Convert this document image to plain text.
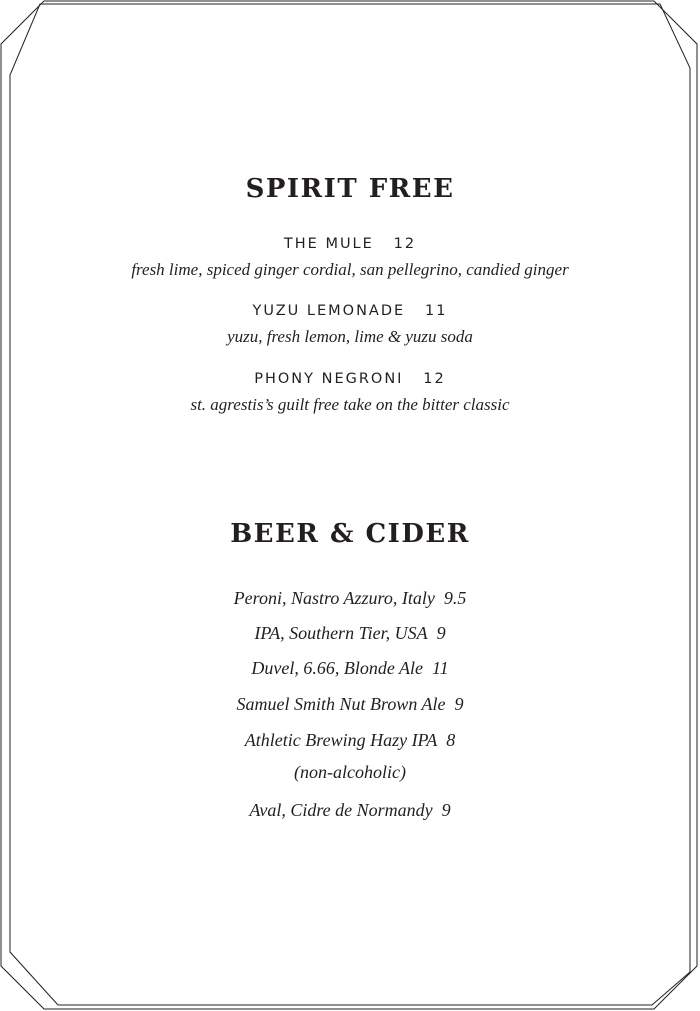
SPIRIT FREE
THE MULE 12
fresh lime, spiced ginger cordial, san pellegrino, candied ginger
YUZU LEMONADE 11
yuzu, fresh lemon, lime & yuzu soda
PHONY NEGRONI 12
st. agrestis’s guilt free take on the bitter classic
BEER & CIDER
Peroni, Nastro Azzuro, Italy 9.5
IPA, Southern Tier, USA 9
Duvel, 6.66, Blonde Ale 11
Samuel Smith Nut Brown Ale 9
Athletic Brewing Hazy IPA 8
(non-alcoholic)
Aval, Cidre de Normandy 9
